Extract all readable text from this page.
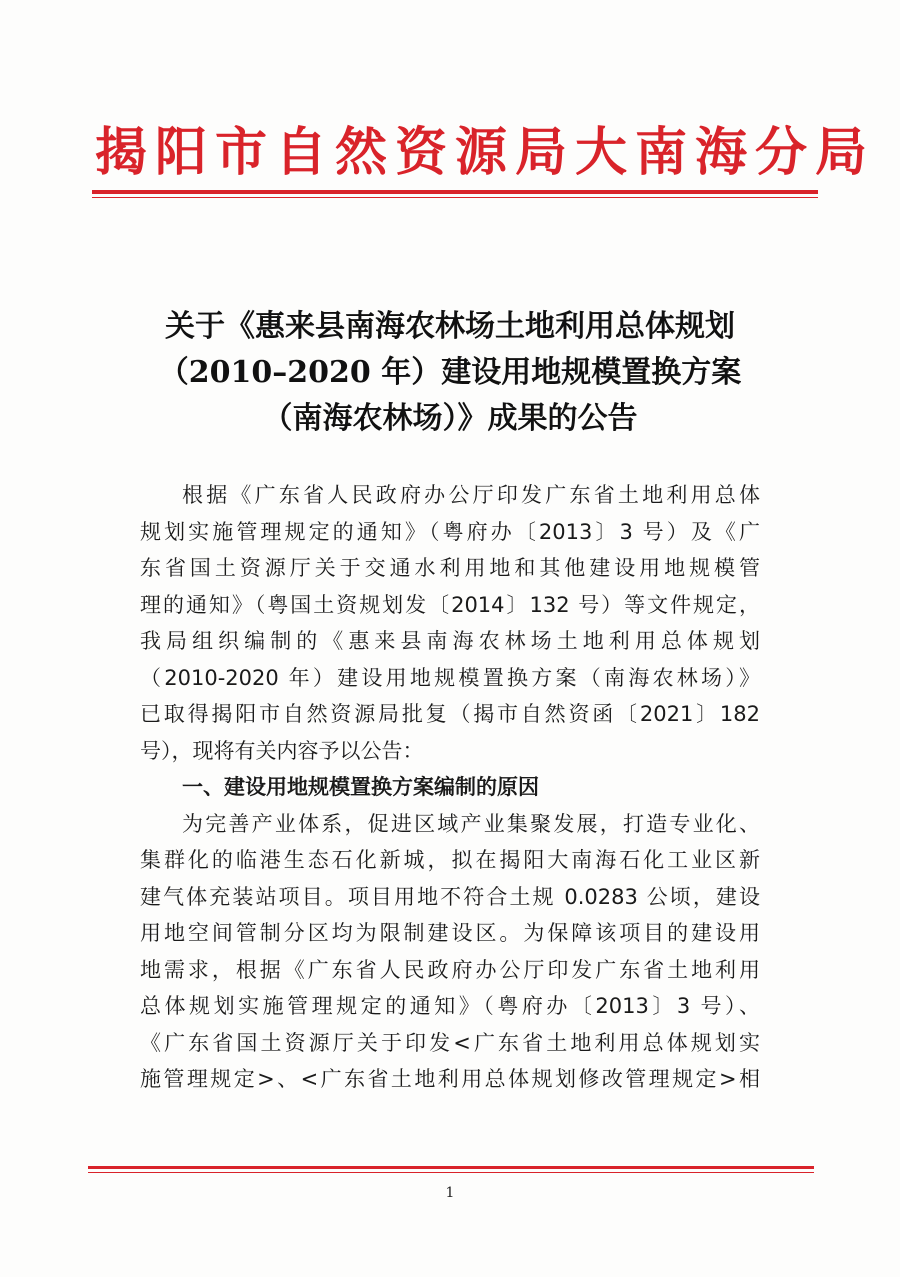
揭阳市自然资源局大南海分局
关于《惠来县南海农林场土地利用总体规划
（2010–2020 年）建设用地规模置换方案
（南海农林场）》成果的公告
根据《广东省人民政府办公厅印发广东省土地利用总体
规划实施管理规定的通知》（粤府办〔2013〕3 号）及《广
东省国土资源厅关于交通水利用地和其他建设用地规模管
理的通知》（粤国土资规划发〔2014〕132 号）等文件规定，
我局组织编制的《惠来县南海农林场土地利用总体规划
（2010-2020 年）建设用地规模置换方案（南海农林场）》
已取得揭阳市自然资源局批复（揭市自然资函〔2021〕182
号），现将有关内容予以公告：
一、建设用地规模置换方案编制的原因
为完善产业体系，促进区域产业集聚发展，打造专业化、
集群化的临港生态石化新城，拟在揭阳大南海石化工业区新
建气体充装站项目。项目用地不符合土规 0.0283 公顷，建设
用地空间管制分区均为限制建设区。为保障该项目的建设用
地需求，根据《广东省人民政府办公厅印发广东省土地利用
总体规划实施管理规定的通知》（粤府办〔2013〕3 号）、
《广东省国土资源厅关于印发<广东省土地利用总体规划实
施管理规定>、<广东省土地利用总体规划修改管理规定>相
1
